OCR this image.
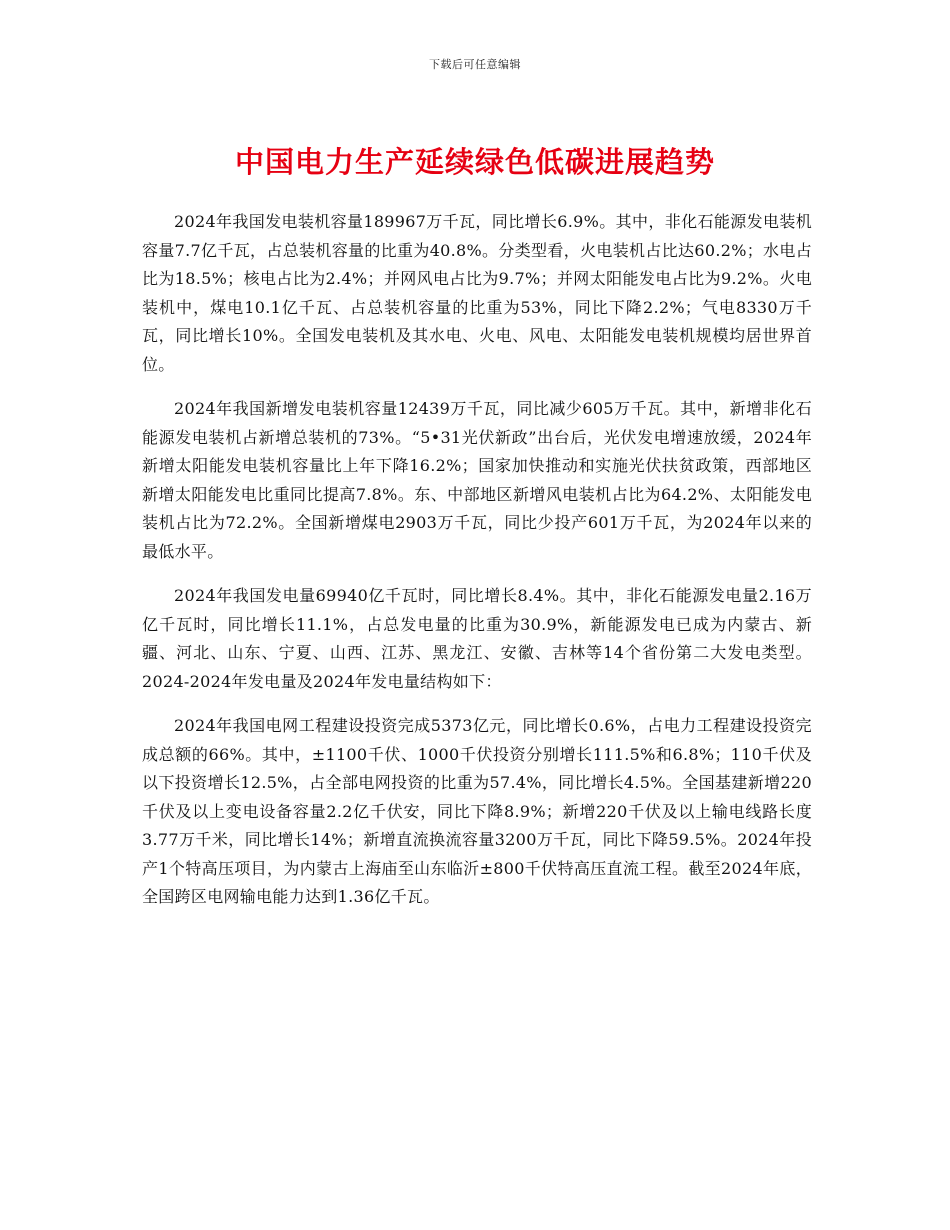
下载后可任意编辑
中国电力生产延续绿色低碳进展趋势

2024年我国发电装机容量189967万千瓦，同比增长6.9%。其中，非化石能源发电装机容量7.7亿千瓦，占总装机容量的比重为40.8%。分类型看，火电装机占比达60.2%；水电占比为18.5%；核电占比为2.4%；并网风电占比为9.7%；并网太阳能发电占比为9.2%。火电装机中，煤电10.1亿千瓦、占总装机容量的比重为53%，同比下降2.2%；气电8330万千瓦，同比增长10%。全国发电装机及其水电、火电、风电、太阳能发电装机规模均居世界首位。

2024年我国新增发电装机容量12439万千瓦，同比减少605万千瓦。其中，新增非化石能源发电装机占新增总装机的73%。“5•31光伏新政”出台后，光伏发电增速放缓，2024年新增太阳能发电装机容量比上年下降16.2%；国家加快推动和实施光伏扶贫政策，西部地区新增太阳能发电比重同比提高7.8%。东、中部地区新增风电装机占比为64.2%、太阳能发电装机占比为72.2%。全国新增煤电2903万千瓦，同比少投产601万千瓦，为2024年以来的最低水平。

2024年我国发电量69940亿千瓦时，同比增长8.4%。其中，非化石能源发电量2.16万亿千瓦时，同比增长11.1%，占总发电量的比重为30.9%，新能源发电已成为内蒙古、新疆、河北、山东、宁夏、山西、江苏、黑龙江、安徽、吉林等14个省份第二大发电类型。2024-2024年发电量及2024年发电量结构如下：

2024年我国电网工程建设投资完成5373亿元，同比增长0.6%，占电力工程建设投资完成总额的66%。其中，±1100千伏、1000千伏投资分别增长111.5%和6.8%；110千伏及以下投资增长12.5%，占全部电网投资的比重为57.4%，同比增长4.5%。全国基建新增220千伏及以上变电设备容量2.2亿千伏安，同比下降8.9%；新增220千伏及以上输电线路长度3.77万千米，同比增长14%；新增直流换流容量3200万千瓦，同比下降59.5%。2024年投产1个特高压项目，为内蒙古上海庙至山东临沂±800千伏特高压直流工程。截至2024年底，全国跨区电网输电能力达到1.36亿千瓦。
